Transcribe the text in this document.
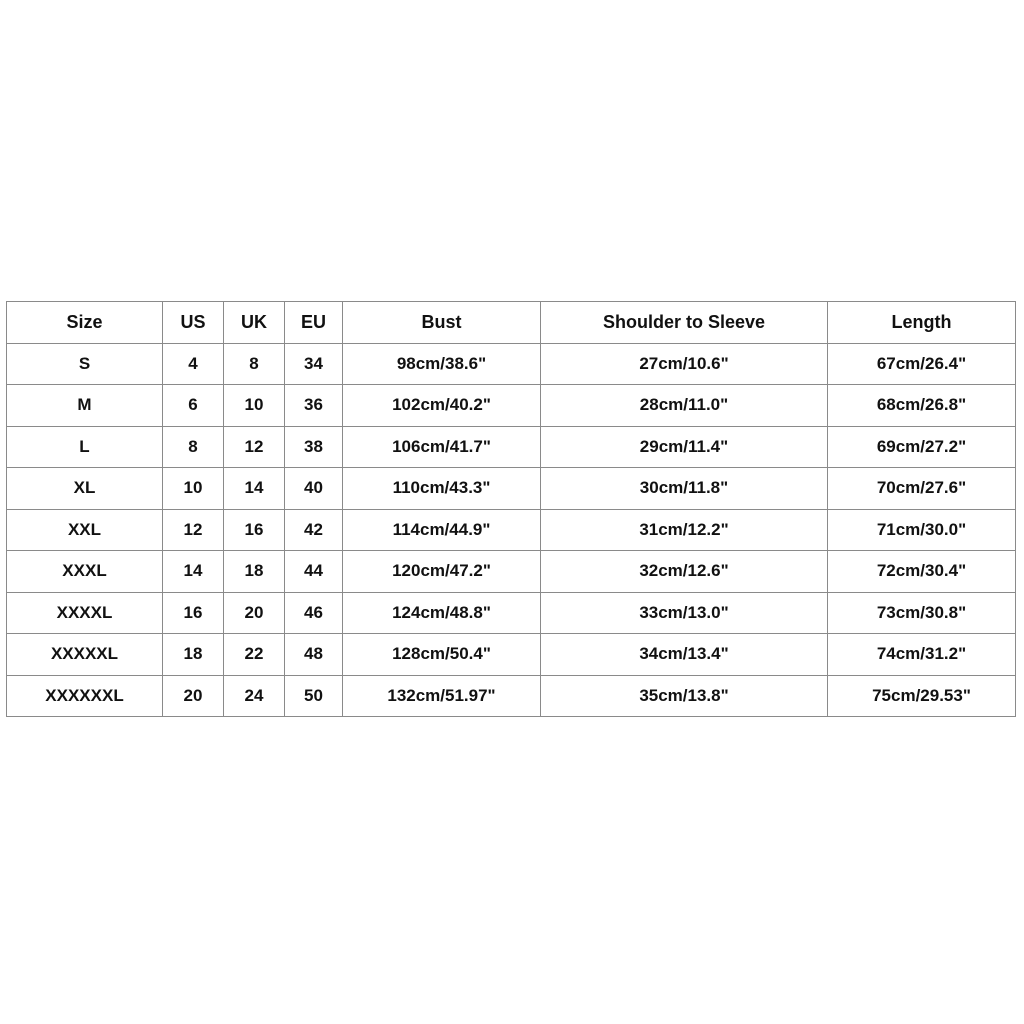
Size	US	UK	EU	Bust	Shoulder to Sleeve	Length
S	4	8	34	98cm/38.6"	27cm/10.6"	67cm/26.4"
M	6	10	36	102cm/40.2"	28cm/11.0"	68cm/26.8"
L	8	12	38	106cm/41.7"	29cm/11.4"	69cm/27.2"
XL	10	14	40	110cm/43.3"	30cm/11.8"	70cm/27.6"
XXL	12	16	42	114cm/44.9"	31cm/12.2"	71cm/30.0"
XXXL	14	18	44	120cm/47.2"	32cm/12.6"	72cm/30.4"
XXXXL	16	20	46	124cm/48.8"	33cm/13.0"	73cm/30.8"
XXXXXL	18	22	48	128cm/50.4"	34cm/13.4"	74cm/31.2"
XXXXXXL	20	24	50	132cm/51.97"	35cm/13.8"	75cm/29.53"
